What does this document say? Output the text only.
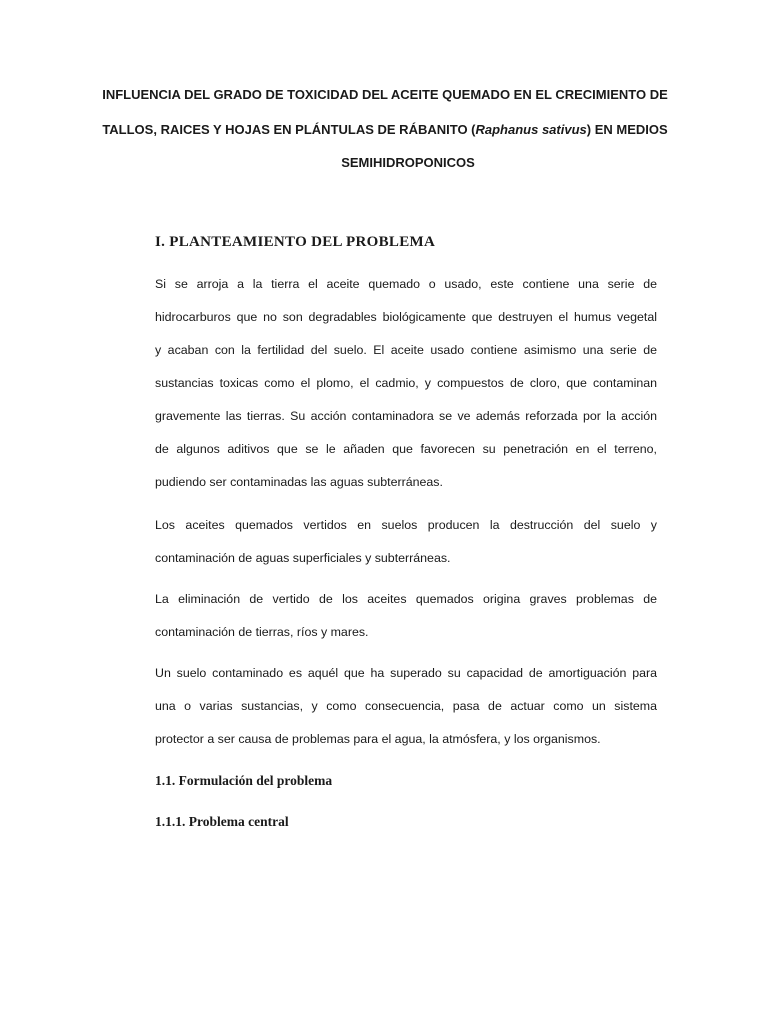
INFLUENCIA DEL GRADO DE TOXICIDAD DEL ACEITE QUEMADO EN EL CRECIMIENTO DE
TALLOS, RAICES Y HOJAS EN PLÁNTULAS DE RÁBANITO (Raphanus sativus) EN MEDIOS
SEMIHIDROPONICOS
I. PLANTEAMIENTO DEL PROBLEMA
Si se arroja a la tierra el aceite quemado o usado, este contiene una serie de
hidrocarburos que no son degradables biológicamente que destruyen el humus vegetal
y acaban con la fertilidad del suelo. El aceite usado contiene asimismo una serie de
sustancias toxicas como el plomo, el cadmio, y compuestos de cloro, que contaminan
gravemente las tierras. Su acción contaminadora se ve además reforzada por la acción
de algunos aditivos que se le añaden que favorecen su penetración en el terreno,
pudiendo ser contaminadas las aguas subterráneas.
Los aceites quemados vertidos en suelos producen la destrucción del suelo y
contaminación de aguas superficiales y subterráneas.
La eliminación de vertido de los aceites quemados origina graves problemas de
contaminación de tierras, ríos y mares.
Un suelo contaminado es aquél que ha superado su capacidad de amortiguación para
una o varias sustancias, y como consecuencia, pasa de actuar como un sistema
protector a ser causa de problemas para el agua, la atmósfera, y los organismos.
1.1. Formulación del problema
1.1.1. Problema central
